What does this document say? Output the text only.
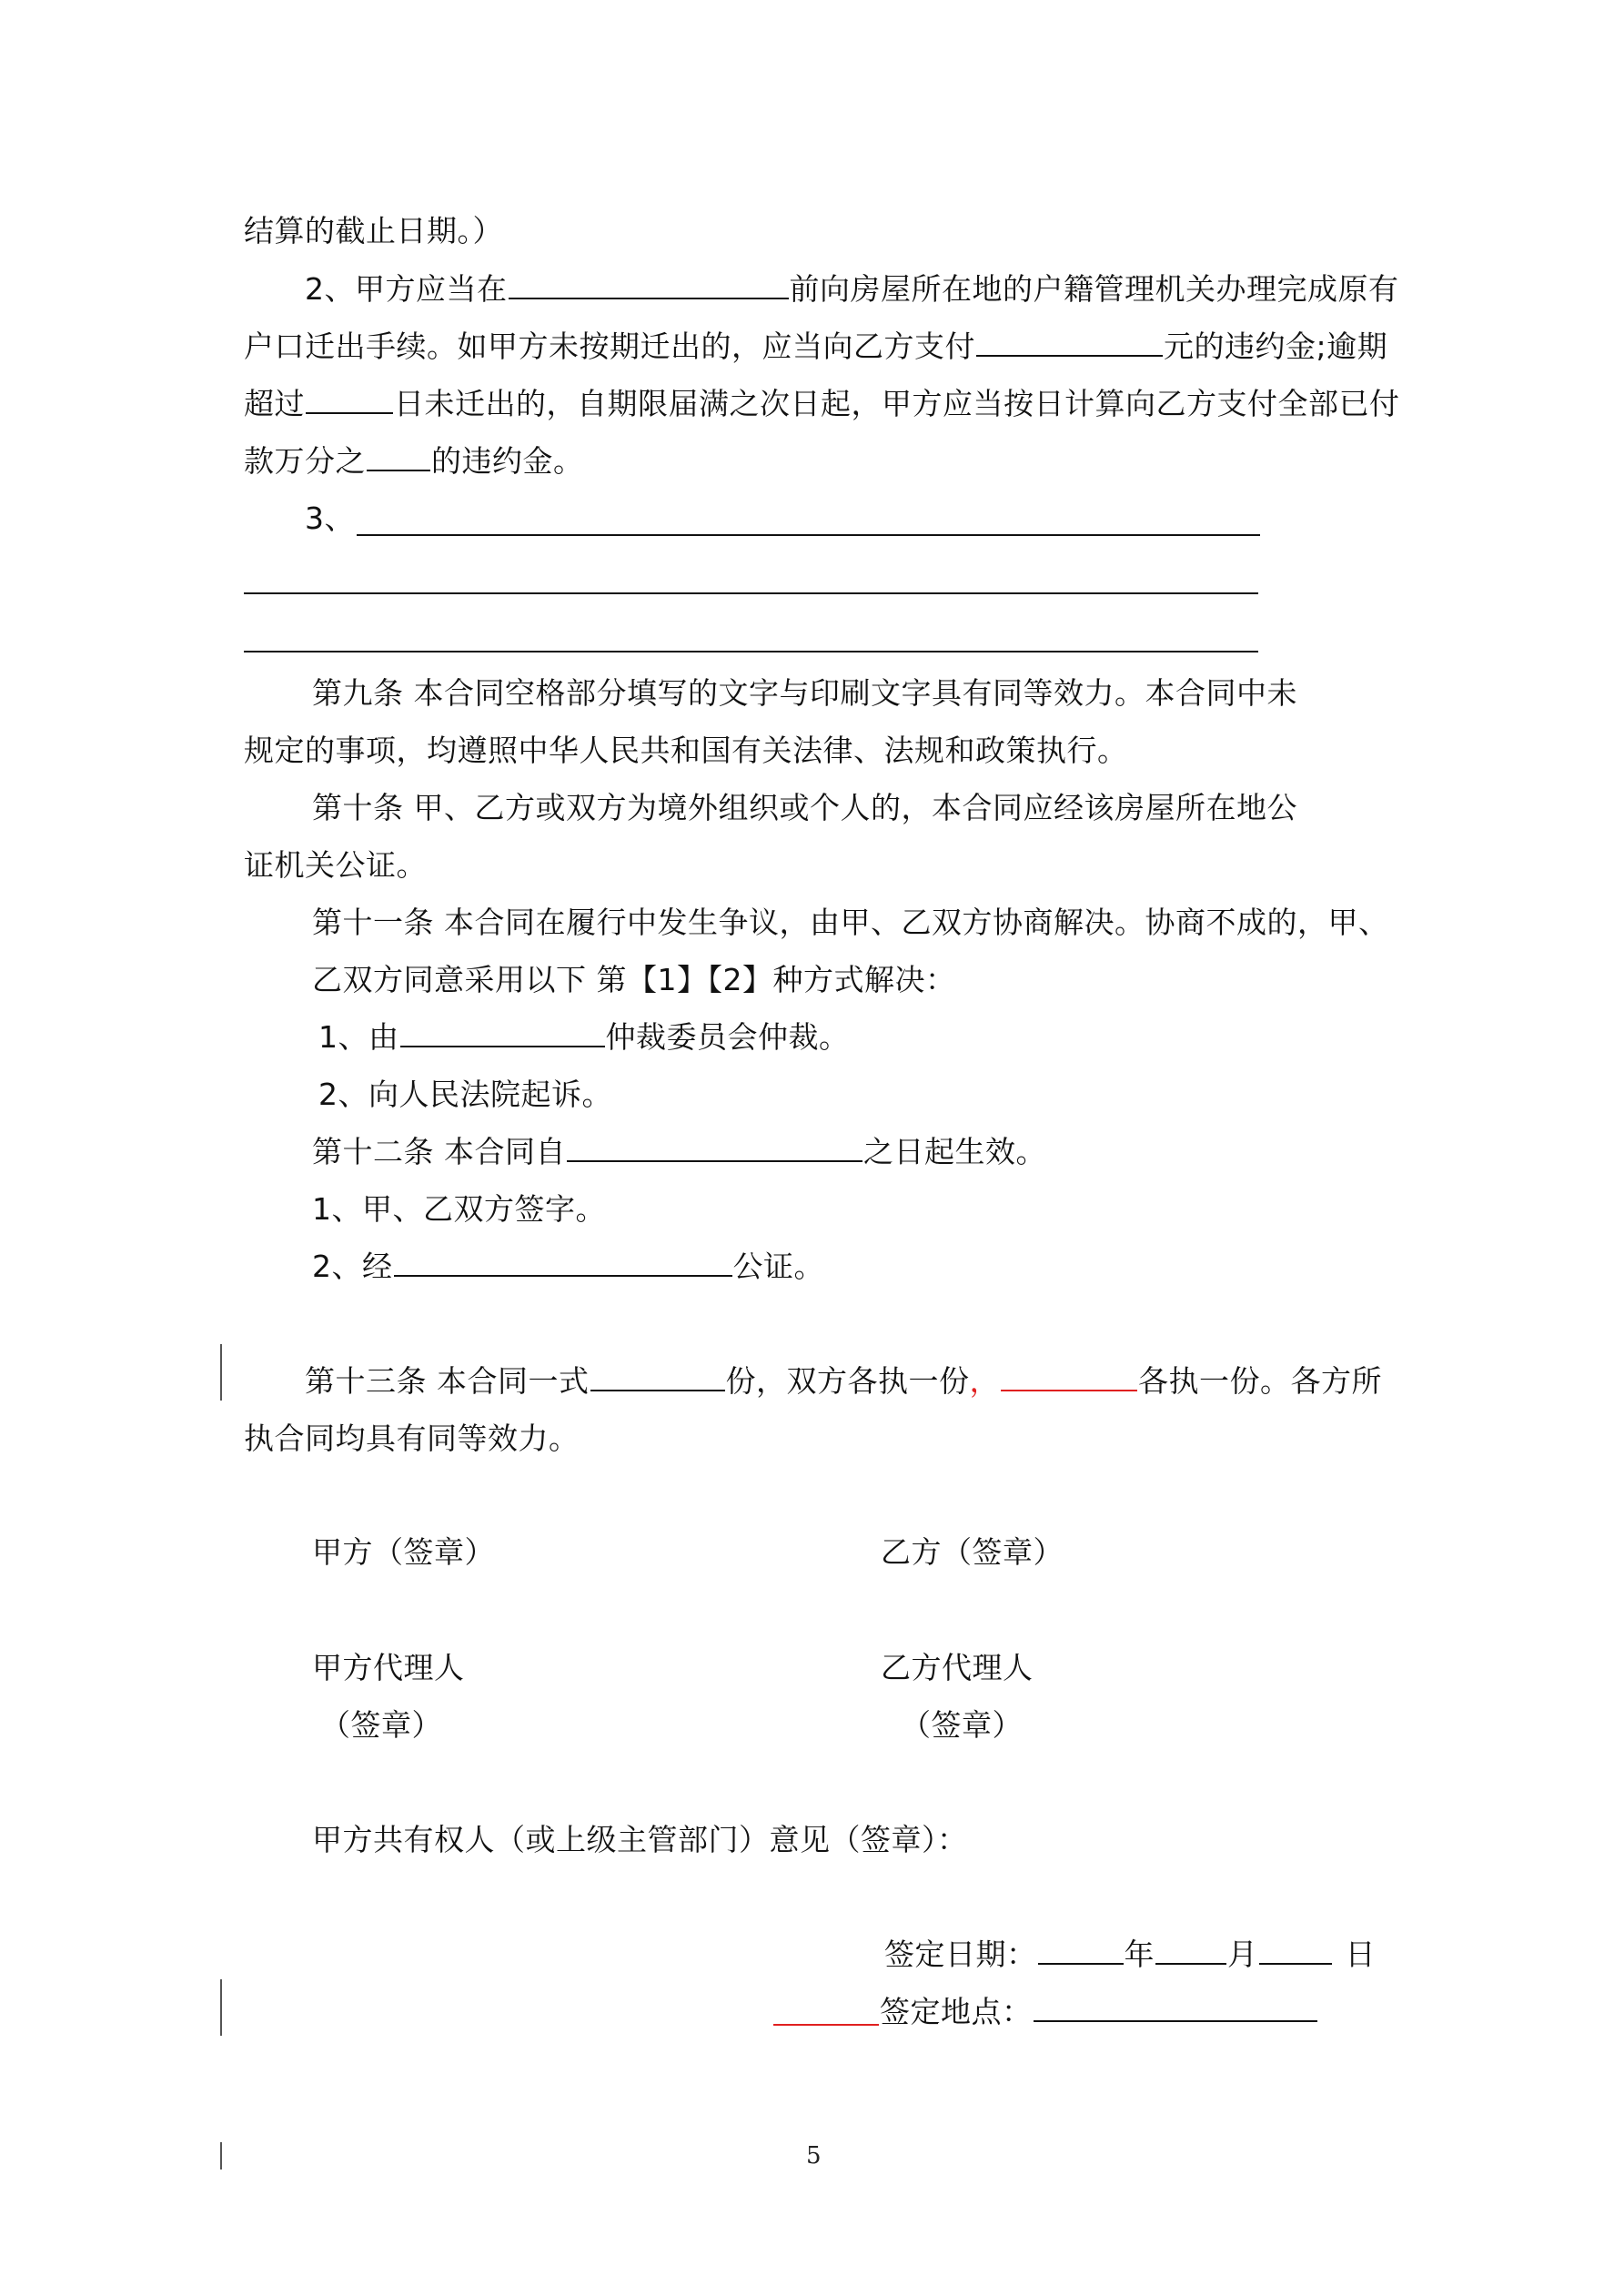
结算的截止日期。）
2、甲方应当在	前向房屋所在地的户籍管理机关办理完成原有
户口迁出手续。如甲方未按期迁出的，应当向乙方支付	元的违约金;逾期
超过	日未迁出的，自期限届满之次日起，甲方应当按日计算向乙方支付全部已付
款万分之 的违约金。
3、
第九条 本合同空格部分填写的文字与印刷文字具有同等效力。本合同中未
规定的事项，均遵照中华人民共和国有关法律、法规和政策执行。
第十条 甲、乙方或双方为境外组织或个人的，本合同应经该房屋所在地公
证机关公证。
第十一条 本合同在履行中发生争议，由甲、乙双方协商解决。协商不成的，甲、
乙双方同意采用以下 第【1】【2】种方式解决：
1、由	仲裁委员会仲裁。
2、向人民法院起诉。
第十二条 本合同自	之日起生效。
1、甲、乙双方签字。
2、经	公证。
第十三条 本合同一式	份，双方各执一份，	各执一份。各方所
执合同均具有同等效力。
甲方（签章）	乙方（签章）
甲方代理人	乙方代理人
（签章）	（签章）
甲方共有权人（或上级主管部门）意见（签章）：
签定日期：	年 月	日
签定地点：
5
